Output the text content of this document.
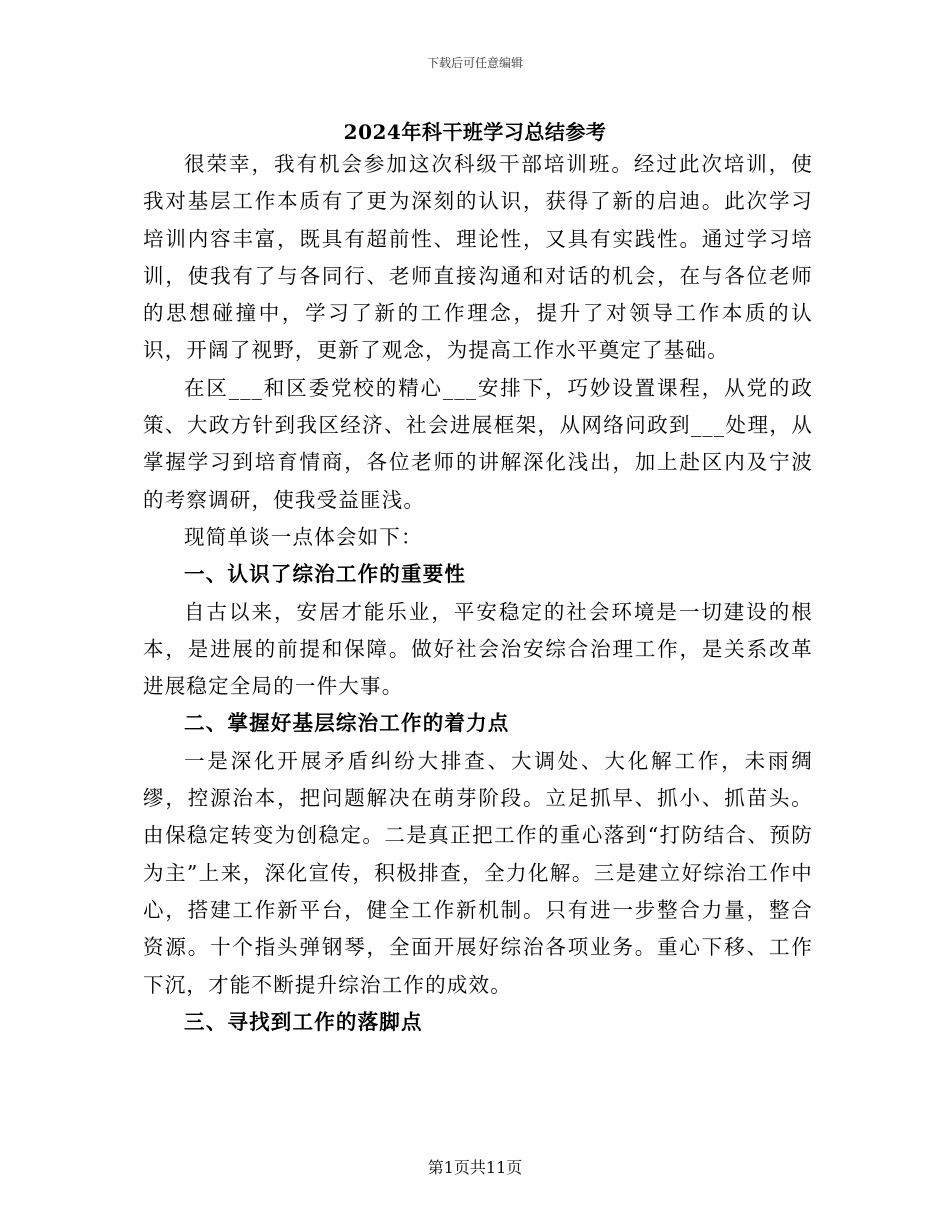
下载后可任意编辑
2024年科干班学习总结参考

很荣幸，我有机会参加这次科级干部培训班。经过此次培训，使我对基层工作本质有了更为深刻的认识，获得了新的启迪。此次学习培训内容丰富，既具有超前性、理论性，又具有实践性。通过学习培训，使我有了与各同行、老师直接沟通和对话的机会，在与各位老师的思想碰撞中，学习了新的工作理念，提升了对领导工作本质的认识，开阔了视野，更新了观念，为提高工作水平奠定了基础。

在区___和区委党校的精心___安排下，巧妙设置课程，从党的政策、大政方针到我区经济、社会进展框架，从网络问政到___处理，从掌握学习到培育情商，各位老师的讲解深化浅出，加上赴区内及宁波的考察调研，使我受益匪浅。

现简单谈一点体会如下：

一、认识了综治工作的重要性

自古以来，安居才能乐业，平安稳定的社会环境是一切建设的根本，是进展的前提和保障。做好社会治安综合治理工作，是关系改革进展稳定全局的一件大事。

二、掌握好基层综治工作的着力点

一是深化开展矛盾纠纷大排查、大调处、大化解工作，未雨绸缪，控源治本，把问题解决在萌芽阶段。立足抓早、抓小、抓苗头。由保稳定转变为创稳定。二是真正把工作的重心落到“打防结合、预防为主”上来，深化宣传，积极排查，全力化解。三是建立好综治工作中心，搭建工作新平台，健全工作新机制。只有进一步整合力量，整合资源。十个指头弹钢琴，全面开展好综治各项业务。重心下移、工作下沉，才能不断提升综治工作的成效。

三、寻找到工作的落脚点

第1页共11页
